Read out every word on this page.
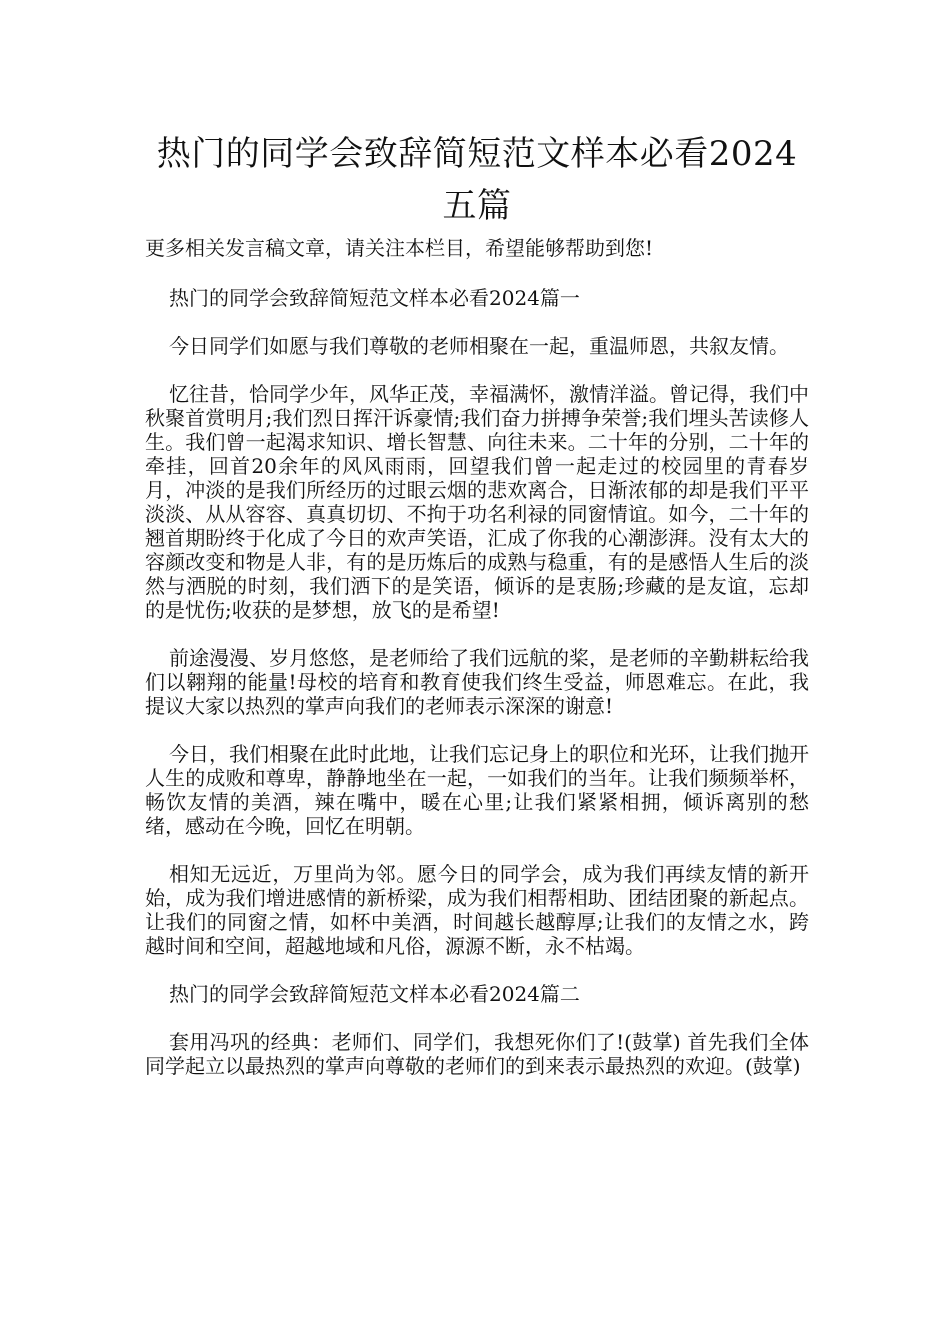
热门的同学会致辞简短范文样本必看2024五篇

更多相关发言稿文章，请关注本栏目，希望能够帮助到您!

热门的同学会致辞简短范文样本必看2024篇一

今日同学们如愿与我们尊敬的老师相聚在一起，重温师恩，共叙友情。

忆往昔，恰同学少年，风华正茂，幸福满怀，激情洋溢。曾记得，我们中秋聚首赏明月;我们烈日挥汗诉豪情;我们奋力拼搏争荣誉;我们埋头苦读修人生。我们曾一起渴求知识、增长智慧、向往未来。二十年的分别，二十年的牵挂，回首20余年的风风雨雨，回望我们曾一起走过的校园里的青春岁月，冲淡的是我们所经历的过眼云烟的悲欢离合，日渐浓郁的却是我们平平淡淡、从从容容、真真切切、不拘于功名利禄的同窗情谊。如今，二十年的翘首期盼终于化成了今日的欢声笑语，汇成了你我的心潮澎湃。没有太大的容颜改变和物是人非，有的是历炼后的成熟与稳重，有的是感悟人生后的淡然与洒脱的时刻，我们洒下的是笑语，倾诉的是衷肠;珍藏的是友谊，忘却的是忧伤;收获的是梦想，放飞的是希望!

前途漫漫、岁月悠悠，是老师给了我们远航的桨，是老师的辛勤耕耘给我们以翱翔的能量!母校的培育和教育使我们终生受益，师恩难忘。在此，我提议大家以热烈的掌声向我们的老师表示深深的谢意!

今日，我们相聚在此时此地，让我们忘记身上的职位和光环，让我们抛开人生的成败和尊卑，静静地坐在一起，一如我们的当年。让我们频频举杯，畅饮友情的美酒，辣在嘴中，暖在心里;让我们紧紧相拥，倾诉离别的愁绪，感动在今晚，回忆在明朝。

相知无远近，万里尚为邻。愿今日的同学会，成为我们再续友情的新开始，成为我们增进感情的新桥梁，成为我们相帮相助、团结团聚的新起点。让我们的同窗之情，如杯中美酒，时间越长越醇厚;让我们的友情之水，跨越时间和空间，超越地域和凡俗，源源不断，永不枯竭。

热门的同学会致辞简短范文样本必看2024篇二

套用冯巩的经典：老师们、同学们，我想死你们了!(鼓掌) 首先我们全体同学起立以最热烈的掌声向尊敬的老师们的到来表示最热烈的欢迎。(鼓掌)
